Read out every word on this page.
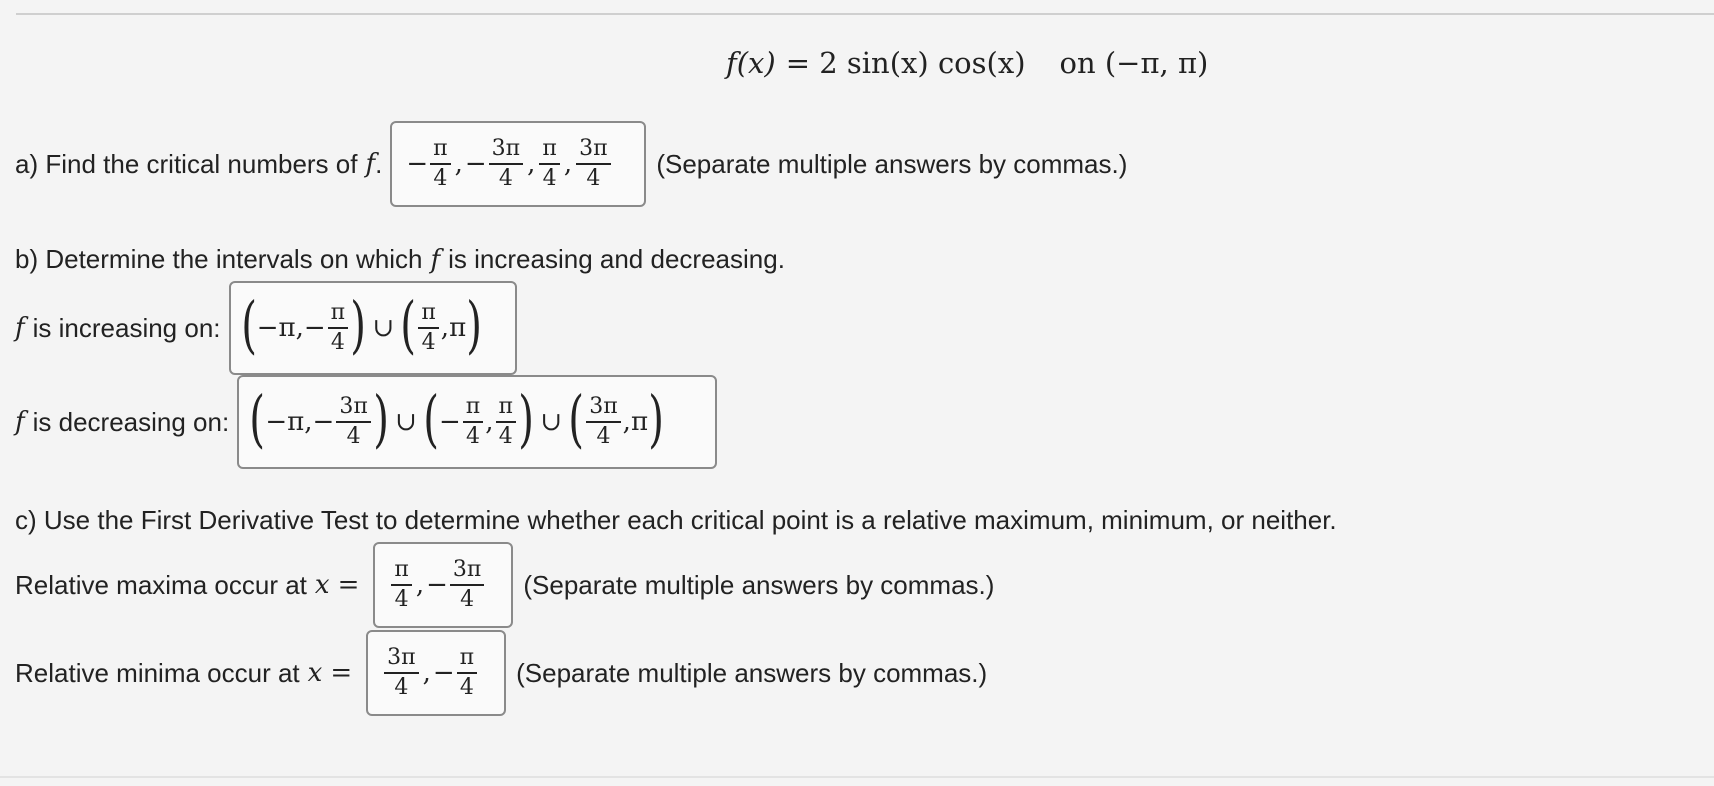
f(x) = 2 sin(x) cos(x) on (−π, π)
a) Find the critical numbers of f . − $\frac{\pi}{4}$ , − $\frac{3\pi}{4}$ , $\frac{\pi}{4}$ , $\frac{3\pi}{4}$ (Separate multiple answers by commas.)
b) Determine the intervals on which f is increasing and decreasing.
f is increasing on: ( −π , − $\frac{\pi}{4}$ ) ∪ ( $\frac{\pi}{4}$ , π )
f is decreasing on: ( −π , − $\frac{3\pi}{4}$ ) ∪ ( − $\frac{\pi}{4}$ , $\frac{\pi}{4}$ ) ∪ ( $\frac{3\pi}{4}$ , π )
c) Use the First Derivative Test to determine whether each critical point is a relative maximum, minimum, or neither.
Relative maxima occur at $x = \frac{\pi}{4}$ , − $\frac{3\pi}{4}$ (Separate multiple answers by commas.)
Relative minima occur at $x = \frac{3\pi}{4}$ , − $\frac{\pi}{4}$ (Separate multiple answers by commas.)
